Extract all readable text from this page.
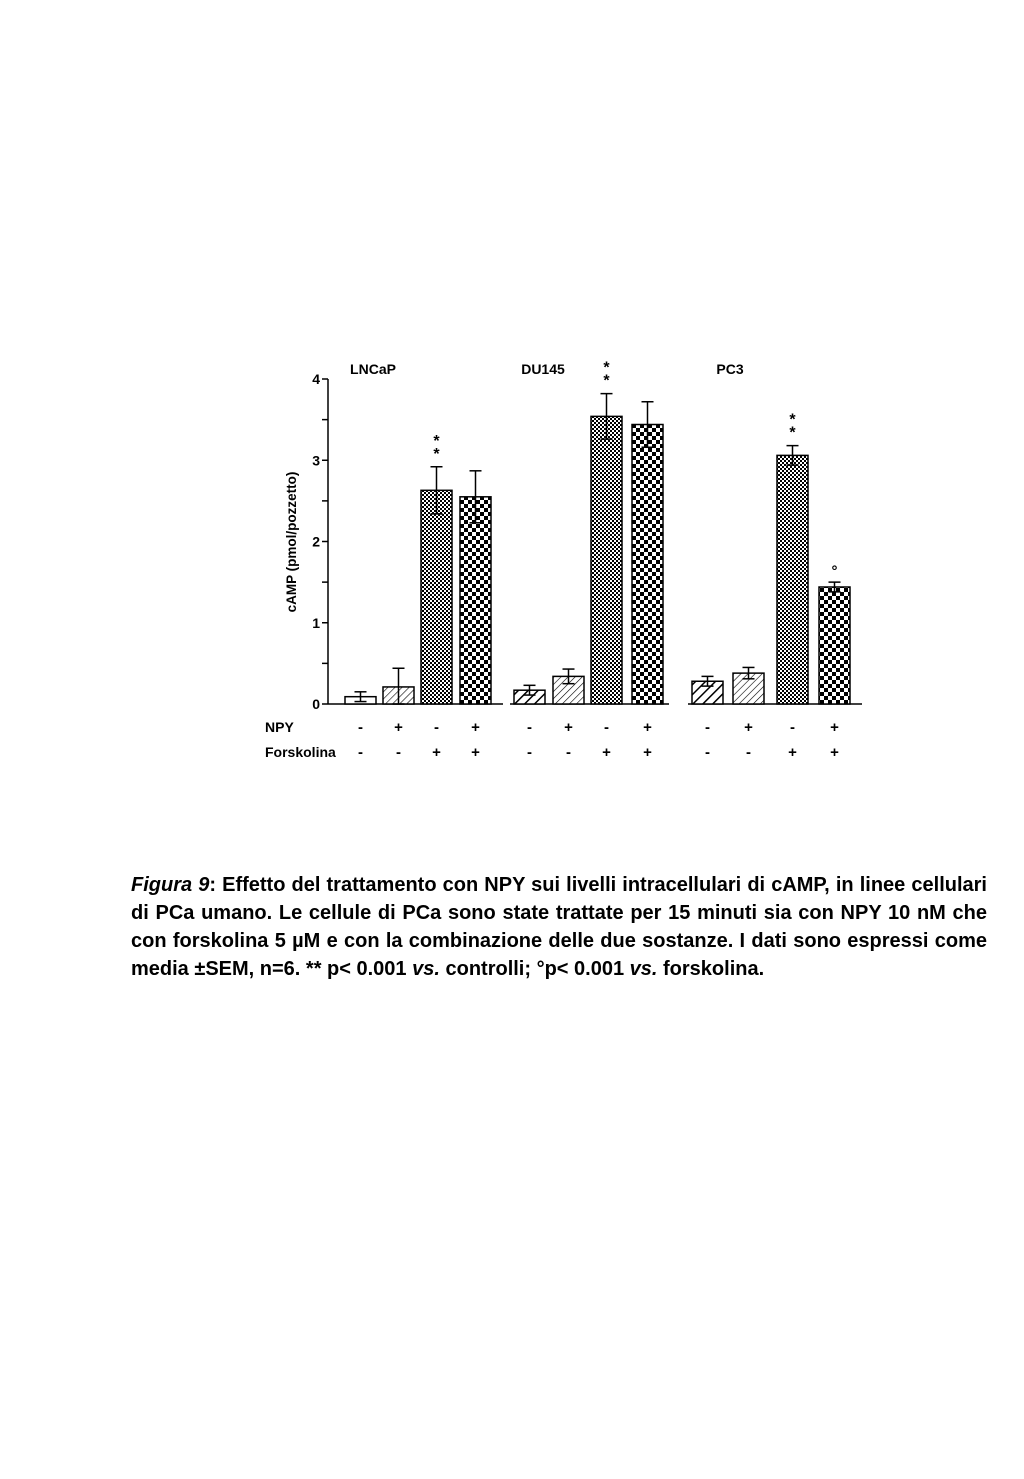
cAMP (pmol/pozzetto)
0
1
2
3
4
NPY
Forskolina
LNCaP
-
-
+
-
*
*
-
+
+
+
DU145
-
-
+
-
*
*
-
+
+
+
PC3
-
-
+
-
*
*
-
+
°
+
+

Figura 9: Effetto del trattamento con NPY sui livelli intracellulari di cAMP, in linee cellulari di PCa umano. Le cellule di PCa sono state trattate per 15 minuti sia con NPY 10 nM che con forskolina 5 µM e con la combinazione delle due sostanze. I dati sono espressi come media ±SEM, n=6. ** p< 0.001 vs. controlli; °p< 0.001 vs. forskolina.
